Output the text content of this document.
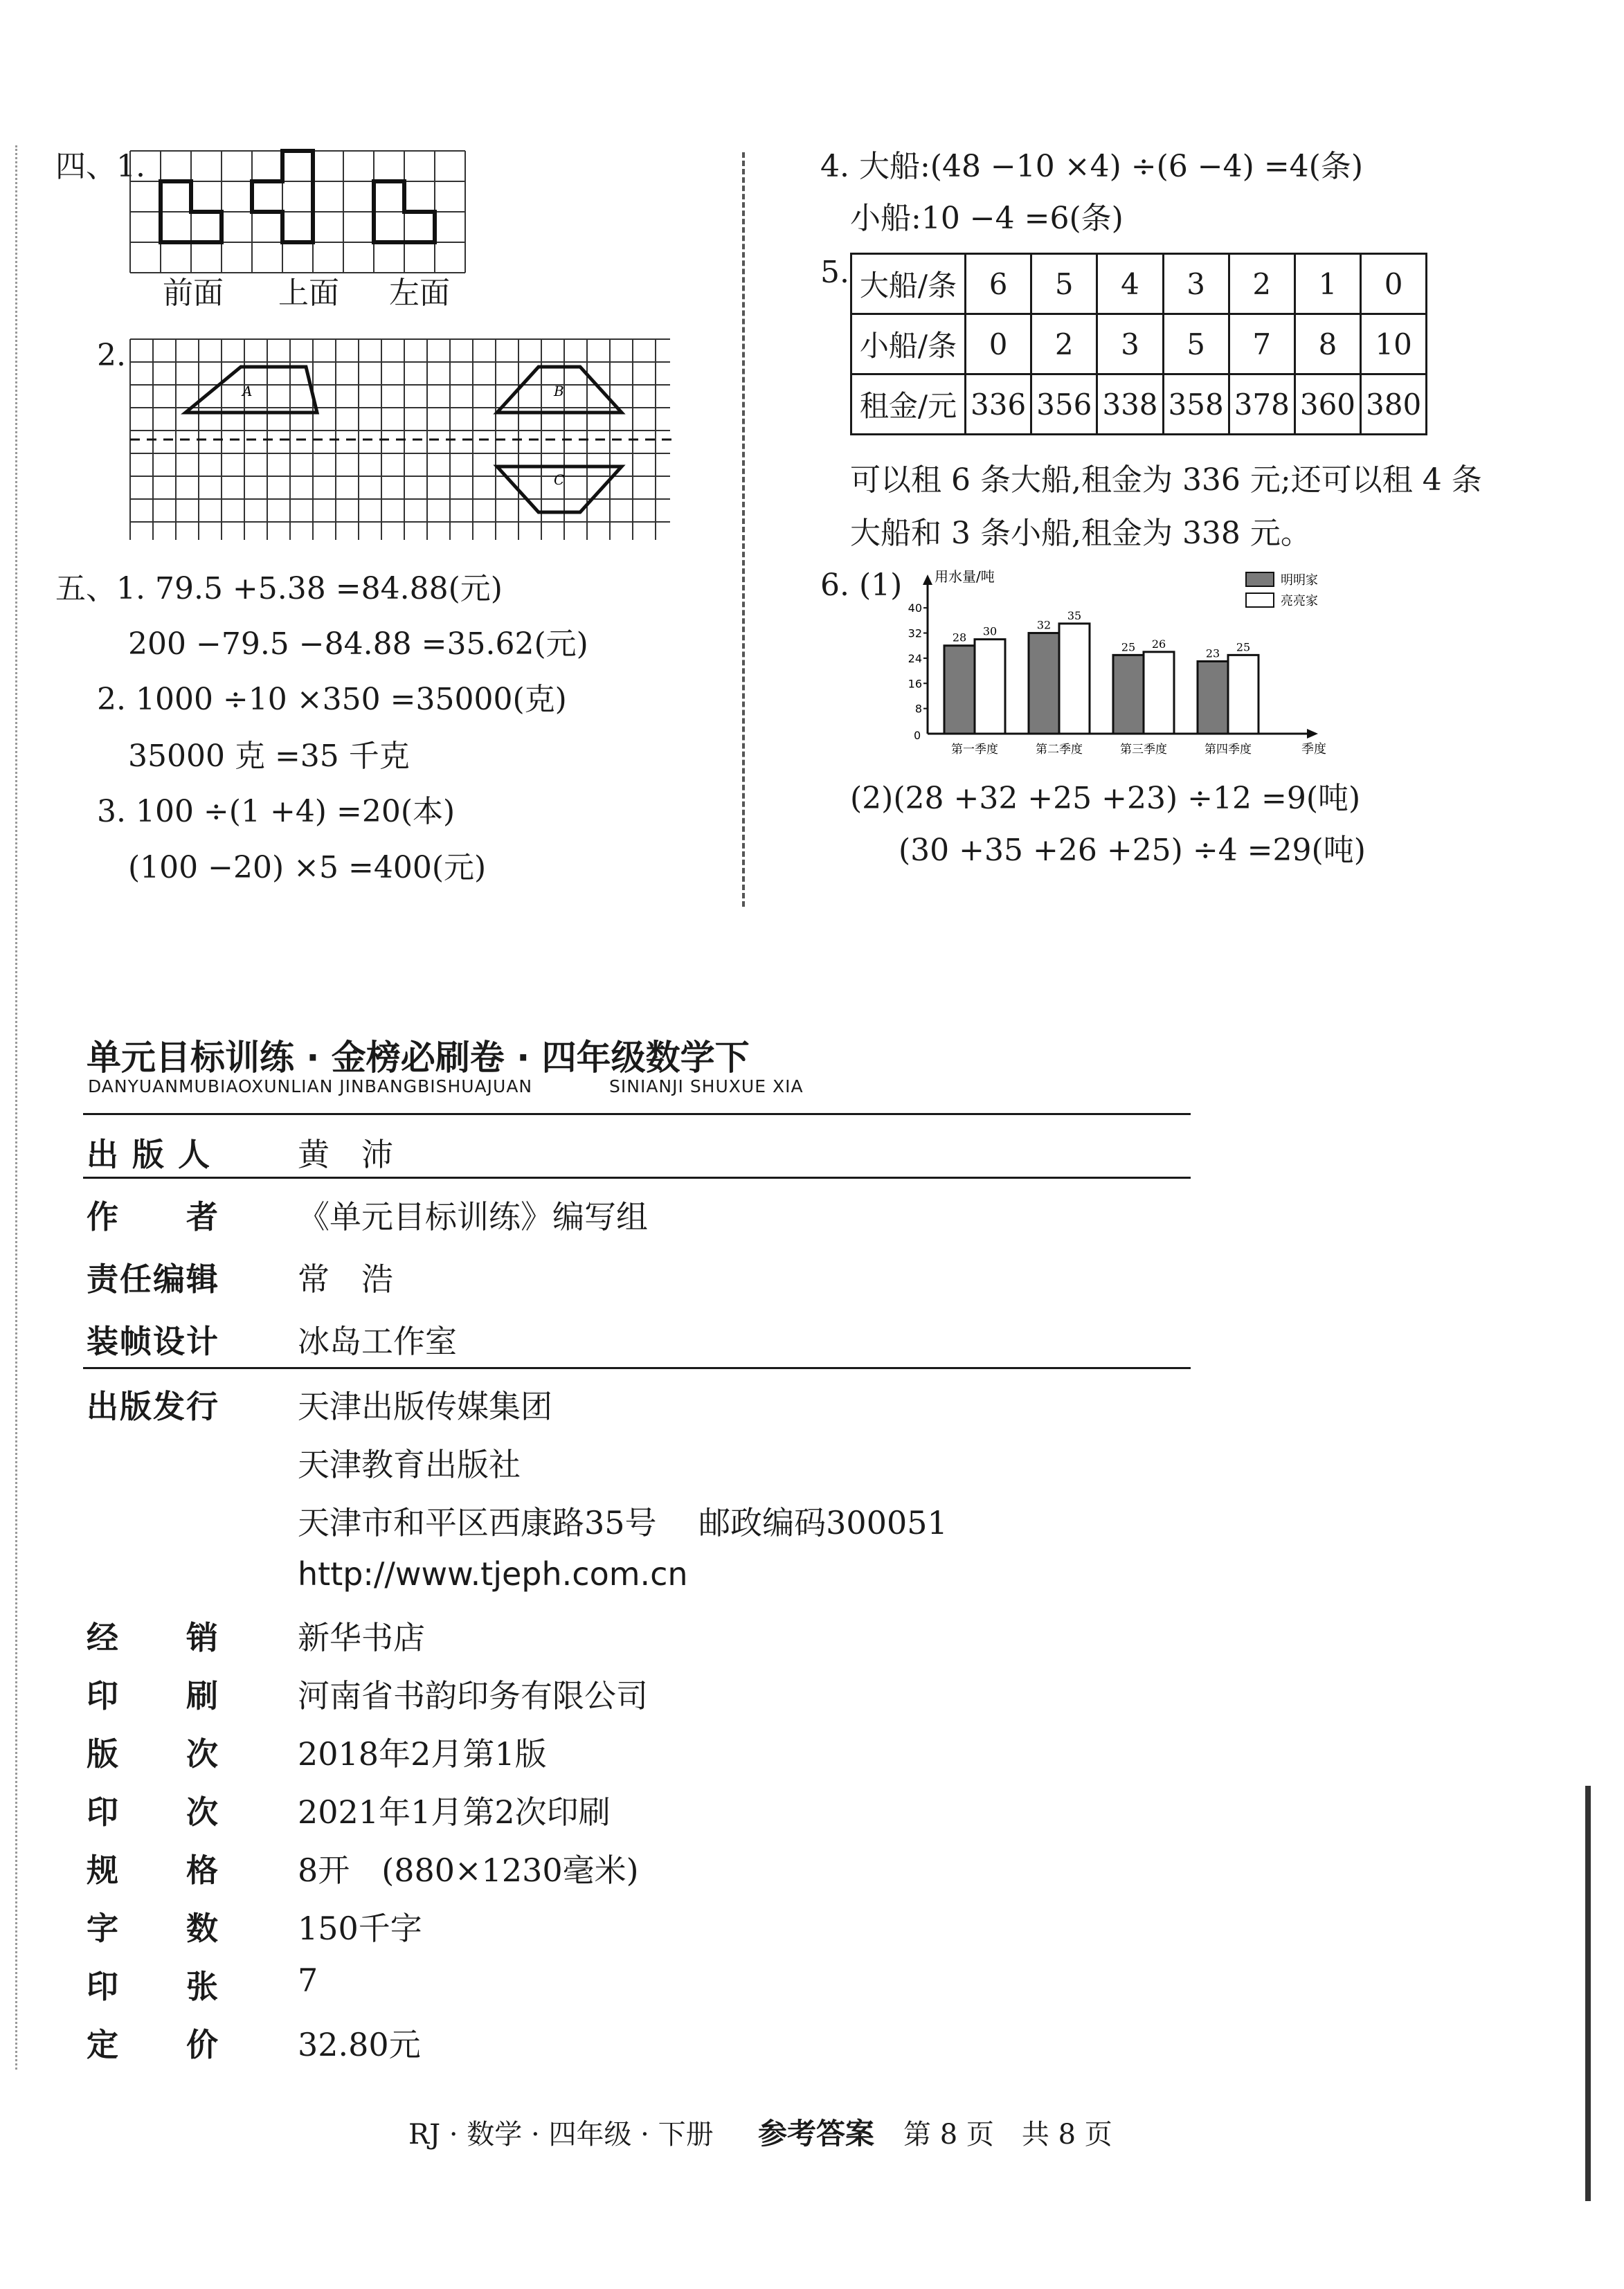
四、1.
前面 上面 左面
2.
A	B
C
五、1. 79.5 +5.38 =84.88(元)
200 −79.5 −84.88 =35.62(元)
2. 1000 ÷10 ×350 =35000(克)
35000 克 =35 千克
3. 100 ÷(1 +4) =20(本)
(100 −20) ×5 =400(元)
4. 大船:(48 −10 ×4) ÷(6 −4) =4(条)
小船:10 −4 =6(条)
5. 大船/条	6	5	4	3	2	1	0
小船/条	0	2	3	5	7	8	10
租金/元	336	356	338	358	378	360	380
可以租 6 条大船,租金为 336 元;还可以租 4 条
大船和 3 条小船,租金为 338 元。
6. (1) 用水量/吨
季度
0
8
16
24
32
40
28 30
第一季度
32
35
第二季度
25 26
第三季度
23 25
第四季度
明明家
亮亮家
(2)(28 +32 +25 +23) ÷12 =9(吨)
(30 +35 +26 +25) ÷4 =29(吨)
单元目标训练 · 金榜必刷卷 · 四年级数学下
DANYUANMUBIAOXUNLIAN JINBANGBISHUAJUAN	SINIANJI SHUXUE XIA
出 版 人	黄　沛
作　　者 《单元目标训练》编写组
责任编辑 常　浩
装帧设计 冰岛工作室
出版发行 天津出版传媒集团
天津教育出版社
天津市和平区西康路35号　 邮政编码300051
http://www.tjeph.com.cn
经　　销 新华书店
印　　刷 河南省书韵印务有限公司
版　　次 2018年2月第1版
印　　次 2021年1月第2次印刷
规　　格 8开　(880×1230毫米)
字　　数 150千字
印　　张 7
定　　价 32.80元
RJ · 数学 · 四年级 · 下册 参考答案 第 8 页　共 8 页
